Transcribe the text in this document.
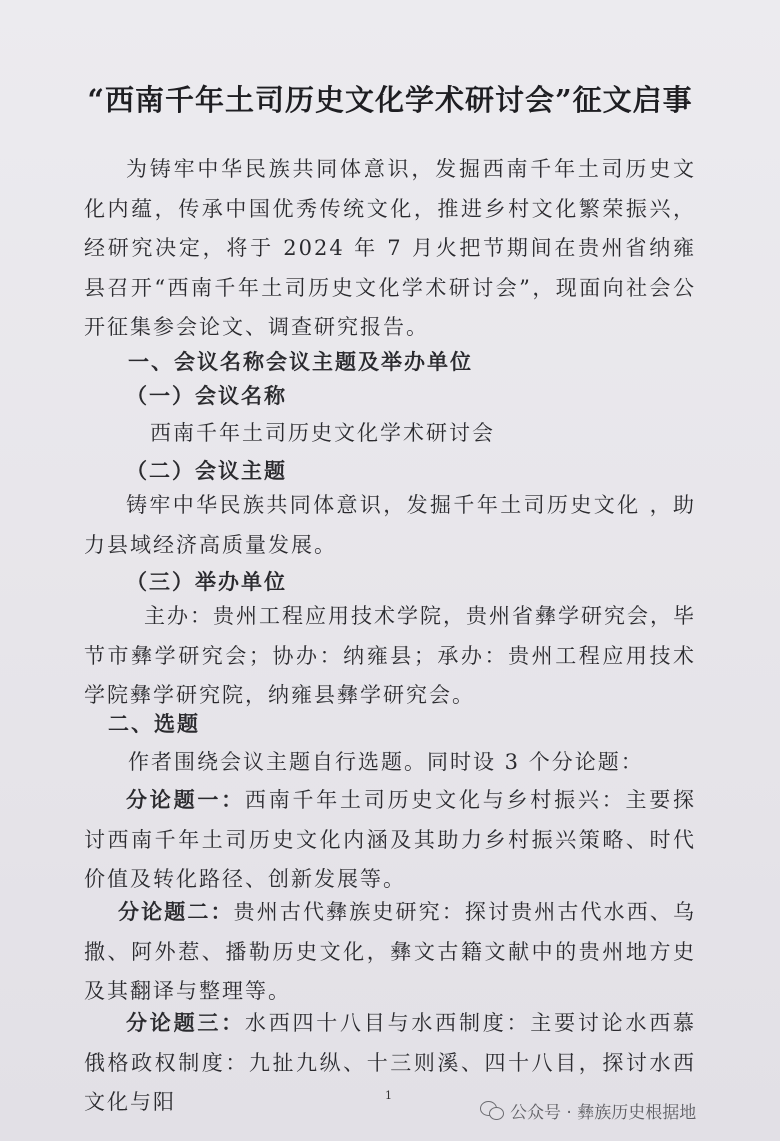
“西南千年土司历史文化学术研讨会”征文启事

为铸牢中华民族共同体意识，发掘西南千年土司历史文化内蕴，传承中国优秀传统文化，推进乡村文化繁荣振兴，经研究决定，将于 2024 年 7 月火把节期间在贵州省纳雍县召开“西南千年土司历史文化学术研讨会”，现面向社会公开征集参会论文、调查研究报告。

一、会议名称会议主题及举办单位

（一）会议名称

西南千年土司历史文化学术研讨会

（二）会议主题

铸牢中华民族共同体意识，发掘千年土司历史文化 ，助力县域经济高质量发展。

（三）举办单位

主办：贵州工程应用技术学院，贵州省彝学研究会，毕节市彝学研究会；协办：纳雍县；承办：贵州工程应用技术学院彝学研究院，纳雍县彝学研究会。

二、选题

作者围绕会议主题自行选题。同时设 3 个分论题：

分论题一：西南千年土司历史文化与乡村振兴：主要探讨西南千年土司历史文化内涵及其助力乡村振兴策略、时代价值及转化路径、创新发展等。

分论题二：贵州古代彝族史研究：探讨贵州古代水西、乌撒、阿外惹、播勒历史文化，彝文古籍文献中的贵州地方史及其翻译与整理等。

分论题三：水西四十八目与水西制度：主要讨论水西慕俄格政权制度：九扯九纵、十三则溪、四十八目，探讨水西文化与阳	1
公众号 · 彝族历史根据地
